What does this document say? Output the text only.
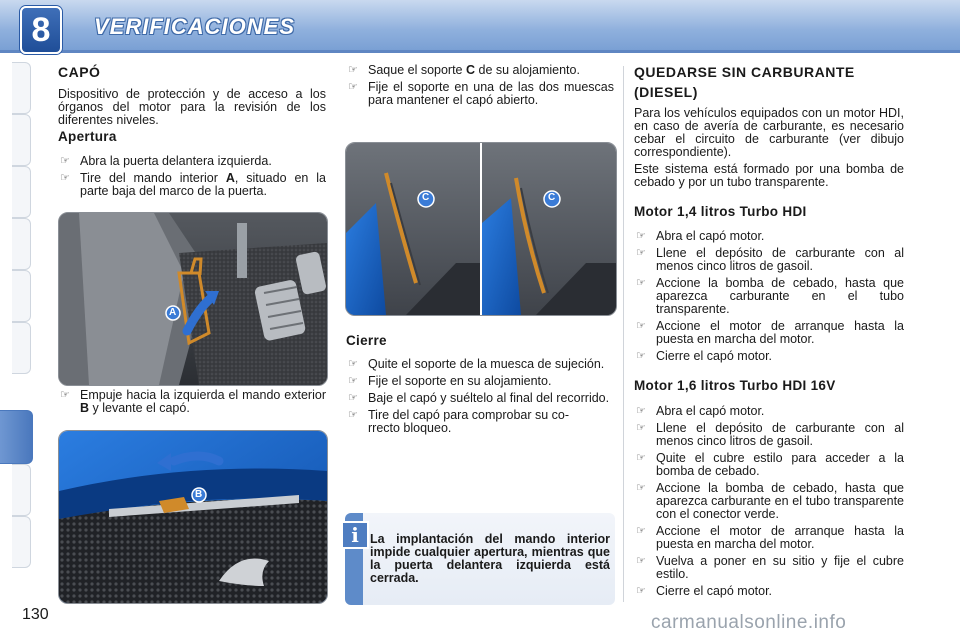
8	VERIFICACIONES
CAPÓ

Dispositivo de protección y de acceso a los órganos del motor para la revisión de los diferentes niveles.

Apertura
☞ Abra la puerta delantera izquierda.
☞ Tire del mando interior A, situado en la parte baja del marco de la puerta.
A
☞ Empuje hacia la izquierda el mando exterior B y levante el capó.
B
☞ Saque el soporte C de su alojamiento.
☞ Fije el soporte en una de las dos muescas para mantener el capó abierto.
C	C
Cierre
☞ Quite el soporte de la muesca de sujeción.
☞ Fije el soporte en su alojamiento.
☞ Baje el capó y suéltelo al final del recorrido.
☞ Tire del capó para comprobar su co-
rrecto bloqueo.
i La implantación del mando interior impide cualquier apertura, mientras que la puerta delantera izquierda está cerrada.
QUEDARSE SIN CARBURANTE (DIESEL)

Para los vehículos equipados con un motor HDI, en caso de avería de carburante, es necesario cebar el circuito de carburante (ver dibujo correspondiente).

Este sistema está formado por una bomba de cebado y por un tubo transparente.

Motor 1,4 litros Turbo HDI
☞ Abra el capó motor.
☞ Llene el depósito de carburante con al menos cinco litros de gasoil.
☞ Accione la bomba de cebado, hasta que aparezca carburante en el tubo transparente.
☞ Accione el motor de arranque hasta la puesta en marcha del motor.
☞ Cierre el capó motor.
Motor 1,6 litros Turbo HDI 16V
☞ Abra el capó motor.
☞ Llene el depósito de carburante con al menos cinco litros de gasoil.
☞ Quite el cubre estilo para acceder a la bomba de cebado.
☞ Accione la bomba de cebado, hasta que aparezca carburante en el tubo transparente con el conector verde.
☞ Accione el motor de arranque hasta la puesta en marcha del motor.
☞ Vuelva a poner en su sitio y fije el cubre estilo.
☞ Cierre el capó motor.
130	carmanualsonline.info
